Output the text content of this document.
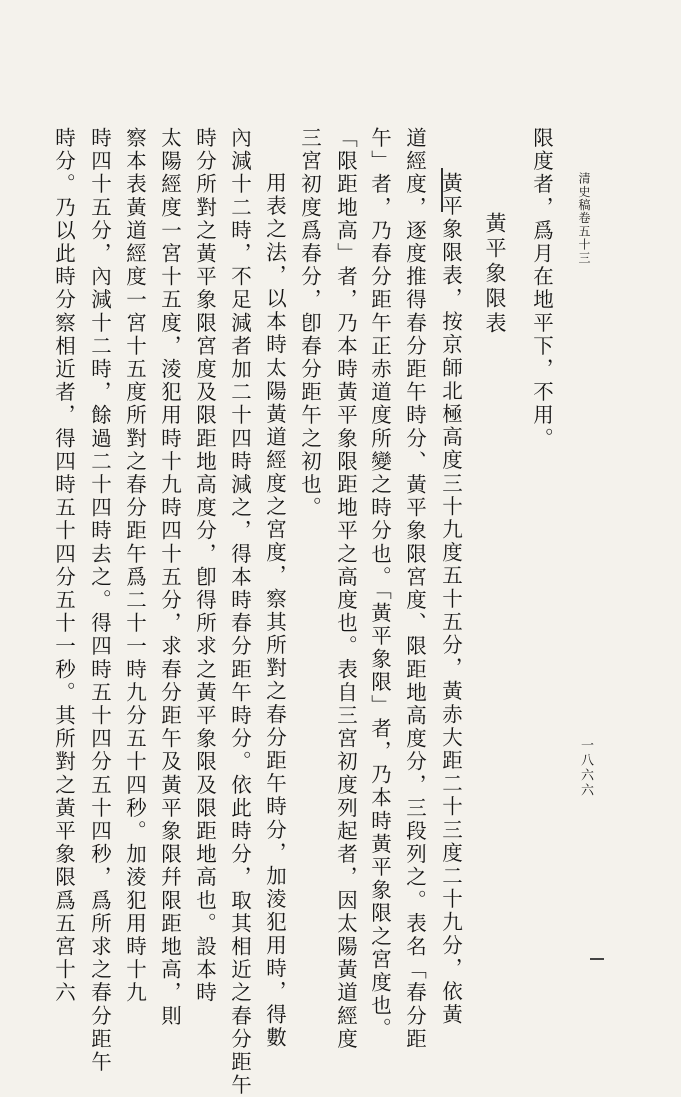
清史稿卷五十三
限度者，爲月在地平下，不用。
黃平象限表
黃平象限表，按京師北極高度三十九度五十五分，黃赤大距二十三度二十九分，依黃
道經度，逐度推得春分距午時分、黃平象限宮度、限距地高度分，三段列之。表名「春分距
午」者，乃春分距午正赤道度所變之時分也。「黃平象限」者，乃本時黃平象限之宮度也。
「限距地高」者，乃本時黃平象限距地平之高度也。表自三宮初度列起者，因太陽黃道經度
三宮初度爲春分，卽春分距午之初也。
用表之法，以本時太陽黃道經度之宮度，察其所對之春分距午時分，加淩犯用時，得數
內減十二時，不足減者加二十四時減之，得本時春分距午時分。依此時分，取其相近之春分距午
時分所對之黃平象限宮度及限距地高度分，卽得所求之黃平象限及限距地高也。設本時
太陽經度一宮十五度，淩犯用時十九時四十五分，求春分距午及黃平象限幷限距地高，則
察本表黃道經度一宮十五度所對之春分距午爲二十一時九分五十四秒。加淩犯用時十九
時四十五分，內減十二時，餘過二十四時去之。得四時五十四分五十四秒，爲所求之春分距午
時分。乃以此時分察相近者，得四時五十四分五十一秒。其所對之黃平象限爲五宮十六	一八六六
